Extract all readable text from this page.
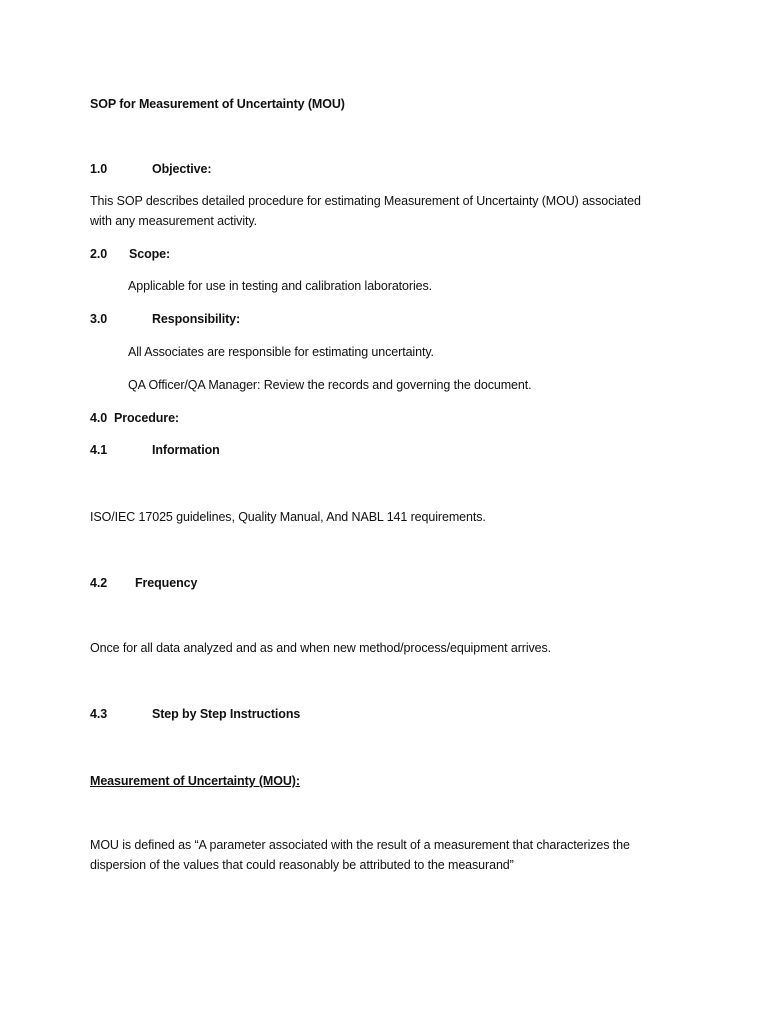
SOP for Measurement of Uncertainty (MOU)
1.0	Objective:
This SOP describes detailed procedure for estimating Measurement of Uncertainty (MOU) associated
with any measurement activity.
2.0 Scope:
Applicable for use in testing and calibration laboratories.
3.0	Responsibility:
All Associates are responsible for estimating uncertainty.
QA Officer/QA Manager: Review the records and governing the document.
4.0 Procedure:
4.1	Information
ISO/IEC 17025 guidelines, Quality Manual, And NABL 141 requirements.
4.2 Frequency
Once for all data analyzed and as and when new method/process/equipment arrives.
4.3	Step by Step Instructions
Measurement of Uncertainty (MOU):
MOU is defined as “A parameter associated with the result of a measurement that characterizes the
dispersion of the values that could reasonably be attributed to the measurand”
